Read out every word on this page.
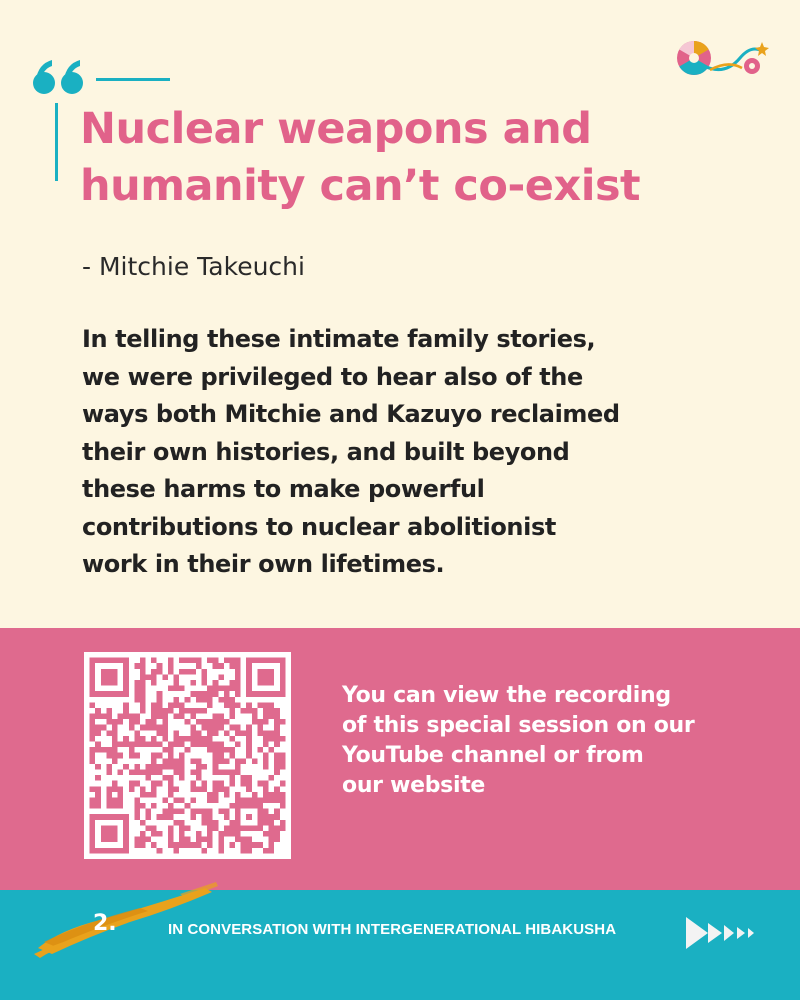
Nuclear weapons and
humanity can’t co-exist
- Mitchie Takeuchi
In telling these intimate family stories,
we were privileged to hear also of the
ways both Mitchie and Kazuyo reclaimed
their own histories, and built beyond
these harms to make powerful
contributions to nuclear abolitionist
work in their own lifetimes.
You can view the recording
of this special session on our
YouTube channel or from
our website
2.	IN CONVERSATION WITH INTERGENERATIONAL HIBAKUSHA
